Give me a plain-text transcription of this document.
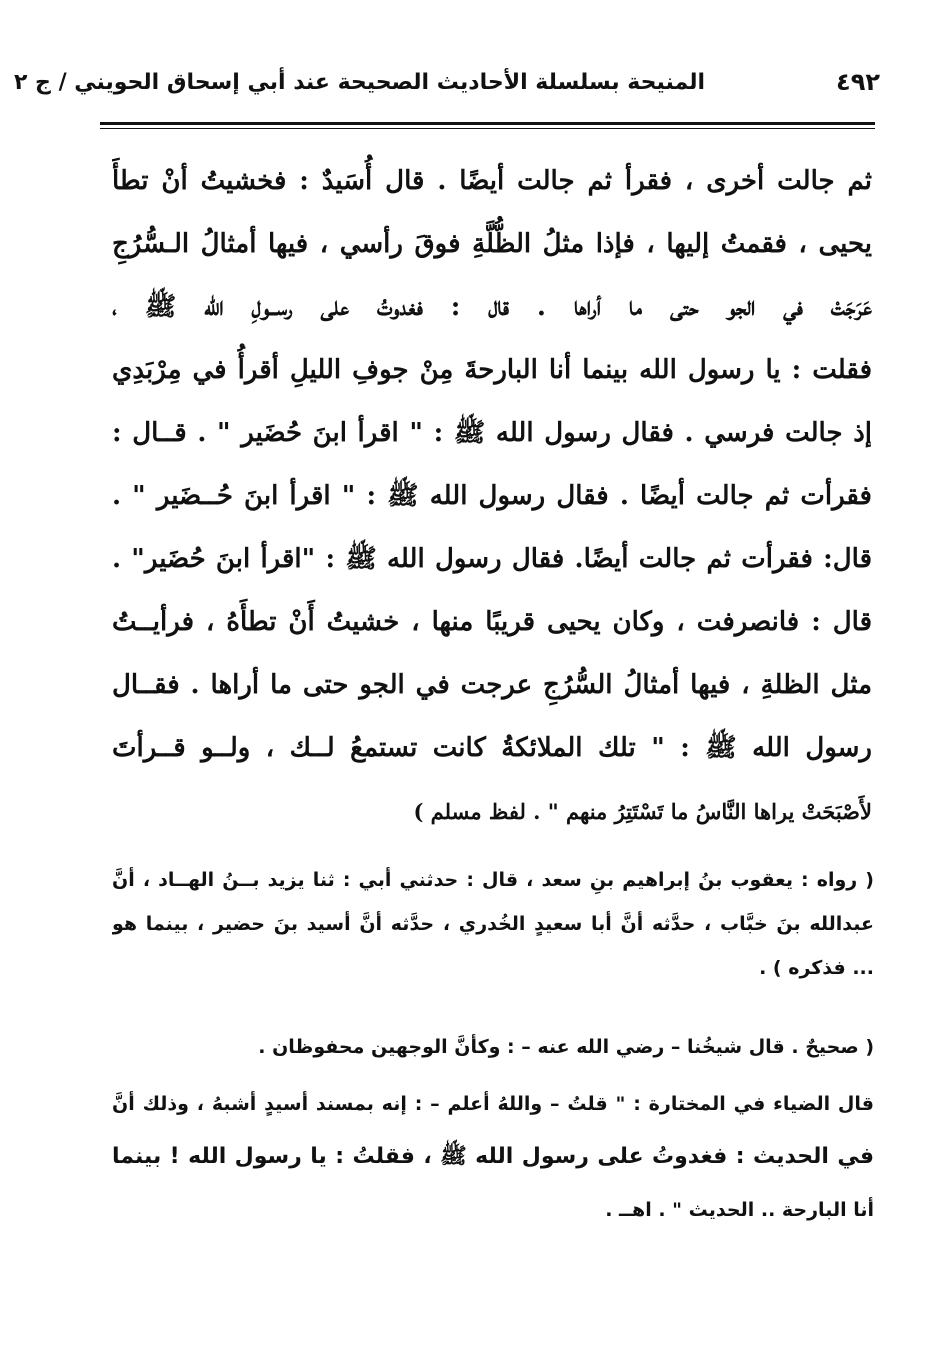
٤٩٢
المنيحة بسلسلة الأحاديث الصحيحة عند أبي إسحاق الحويني / ج ٢
ثم جالت أخرى ، فقرأ ثم جالت أيضًا . قال أُسَيدٌ : فخشيتُ أنْ تطأَ
يحيى ، فقمتُ إليها ، فإذا مثلُ الظُّلَّةِ فوقَ رأسي ، فيها أمثالُ الـسُّرُجِ
عَرَجَتْ في الجو حتى ما أراها . قال : فغدوتُ على رســولِ الله ﷺ ،
فقلت : يا رسول الله بينما أنا البارحةَ مِنْ جوفِ الليلِ أقرأُ في مِرْبَدِي
إذ جالت فرسي . فقال رسول الله ﷺ : " اقرأ ابنَ حُضَير " . قــال :
فقرأت ثم جالت أيضًا . فقال رسول الله ﷺ : " اقرأ ابنَ حُــضَير " .
قال: فقرأت ثم جالت أيضًا. فقال رسول الله ﷺ : "اقرأ ابنَ حُضَير" .
قال : فانصرفت ، وكان يحيى قريبًا منها ، خشيتُ أَنْ تطأَهُ ، فرأيــتُ
مثل الظلةِ ، فيها أمثالُ السُّرُجِ عرجت في الجو حتى ما أراها . فقــال
رسول الله ﷺ : " تلك الملائكةُ كانت تستمعُ لــك ، ولــو قــرأتَ
لأَصْبَحَتْ يراها النَّاسُ ما تَسْتَتِرُ منهم " . لفظ مسلم )
( رواه : يعقوب بنُ إبراهيم بنِ سعد ، قال : حدثني أبي : ثنا يزيد بــنُ الهــاد ، أنَّ
عبدالله بنَ خبَّاب ، حدَّثه أنَّ أبا سعيدٍ الخُدري ، حدَّثه أنَّ أسيد بنَ حضير ، بينما هو
... فذكره ) .
( صحيحٌ . قال شيخُنا – رضي الله عنه – : وكأنَّ الوجهين محفوظان .
قال الضياء في المختارة : " قلتُ – واللهُ أعلم – : إنه بمسند أسيدٍ أشبهُ ، وذلك أنَّ
في الحديث : فغدوتُ على رسول الله ﷺ ، فقلتُ : يا رسول الله ! بينما
أنا البارحة .. الحديث " . اهــ .
